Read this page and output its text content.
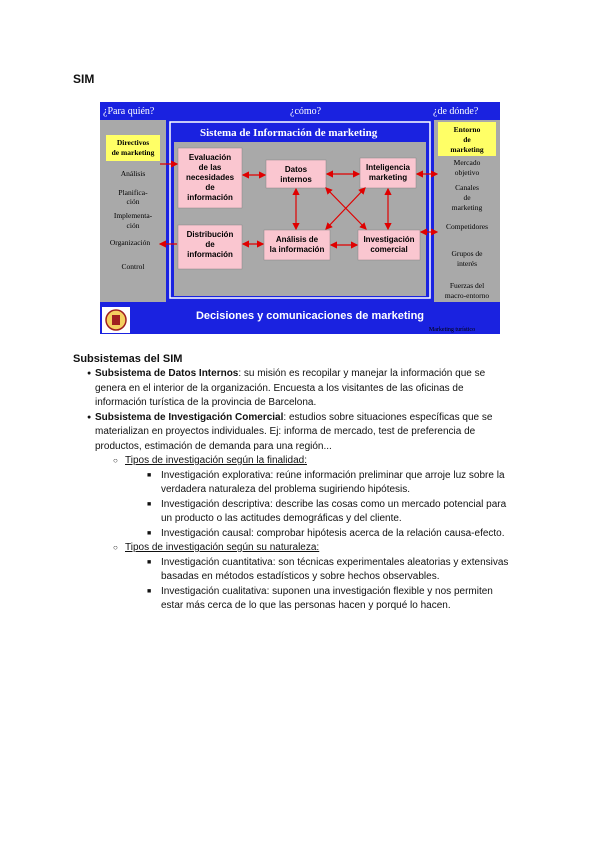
SIM
¿Para quién?	¿cómo?	¿de dónde?
Sistema de Información de marketing
Directivos
de marketing
Análisis
Planifica-
ción
Implementa-
ción
Organización
Control
Entorno
de
marketing
Mercado
objetivo
Canales
de
marketing
Competidores
Grupos de
interés
Fuerzas del
macro-entorno
Evaluación
de las
necesidades
de
información
Distribución
de
información
Datos
internos
Inteligencia
marketing
Análisis de
la información
Investigación
comercial
Decisiones y comunicaciones de marketing
Marketing turístico
Subsistemas del SIM
● Subsistema de Datos Internos: su misión es recopilar y manejar la información que se genera en el interior de la organización. Encuesta a los visitantes de las oficinas de información turística de la provincia de Barcelona.
● Subsistema de Investigación Comercial: estudios sobre situaciones específicas que se materializan en proyectos individuales. Ej: informa de mercado, test de preferencia de productos, estimación de demanda para una región...
○ Tipos de investigación según la finalidad:
■ Investigación explorativa: reúne información preliminar que arroje luz sobre la verdadera naturaleza del problema sugiriendo hipótesis.
■ Investigación descriptiva: describe las cosas como un mercado potencial para un producto o las actitudes demográficas y del cliente.
■ Investigación causal: comprobar hipótesis acerca de la relación causa-efecto.
○ Tipos de investigación según su naturaleza:
■ Investigación cuantitativa: son técnicas experimentales aleatorias y extensivas basadas en métodos estadísticos y sobre hechos observables.
■ Investigación cualitativa: suponen una investigación flexible y nos permiten estar más cerca de lo que las personas hacen y porqué lo hacen.
